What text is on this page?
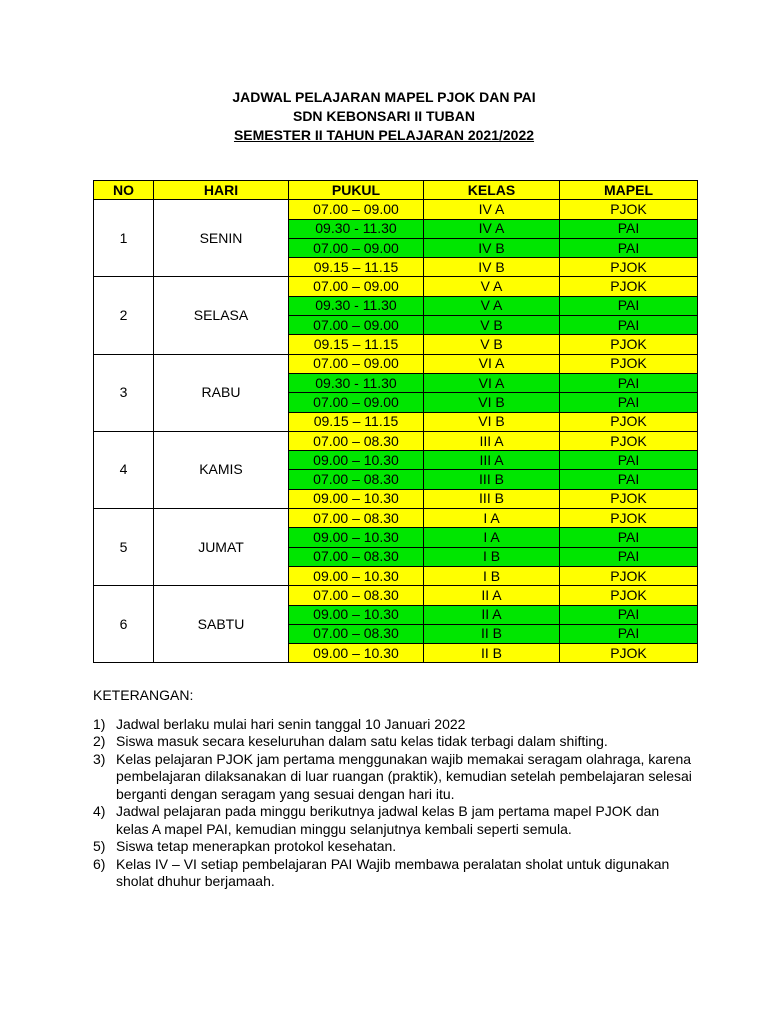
JADWAL PELAJARAN MAPEL PJOK DAN PAI
SDN KEBONSARI II TUBAN
SEMESTER II TAHUN PELAJARAN 2021/2022
NO	HARI	PUKUL	KELAS	MAPEL
1	SENIN	07.00 – 09.00	IV A	PJOK
		09.30 - 11.30	IV A	PAI
		07.00 – 09.00	IV B	PAI
		09.15 – 11.15	IV B	PJOK
2	SELASA	07.00 – 09.00	V A	PJOK
		09.30 - 11.30	V A	PAI
		07.00 – 09.00	V B	PAI
		09.15 – 11.15	V B	PJOK
3	RABU	07.00 – 09.00	VI A	PJOK
		09.30 - 11.30	VI A	PAI
		07.00 – 09.00	VI B	PAI
		09.15 – 11.15	VI B	PJOK
4	KAMIS	07.00 – 08.30	III A	PJOK
		09.00 – 10.30	III A	PAI
		07.00 – 08.30	III B	PAI
		09.00 – 10.30	III B	PJOK
5	JUMAT	07.00 – 08.30	I A	PJOK
		09.00 – 10.30	I A	PAI
		07.00 – 08.30	I B	PAI
		09.00 – 10.30	I B	PJOK
6	SABTU	07.00 – 08.30	II A	PJOK
		09.00 – 10.30	II A	PAI
		07.00 – 08.30	II B	PAI
		09.00 – 10.30	II B	PJOK
KETERANGAN:
1) Jadwal berlaku mulai hari senin tanggal 10 Januari 2022
2) Siswa masuk secara keseluruhan dalam satu kelas tidak terbagi dalam shifting.
3) Kelas pelajaran PJOK jam pertama menggunakan wajib memakai seragam olahraga, karena pembelajaran dilaksanakan di luar ruangan (praktik), kemudian setelah pembelajaran selesai berganti dengan seragam yang sesuai dengan hari itu.
4) Jadwal pelajaran pada minggu berikutnya jadwal kelas B jam pertama mapel PJOK dan kelas A mapel PAI, kemudian minggu selanjutnya kembali seperti semula.
5) Siswa tetap menerapkan protokol kesehatan.
6) Kelas IV – VI setiap pembelajaran PAI Wajib membawa peralatan sholat untuk digunakan sholat dhuhur berjamaah.
